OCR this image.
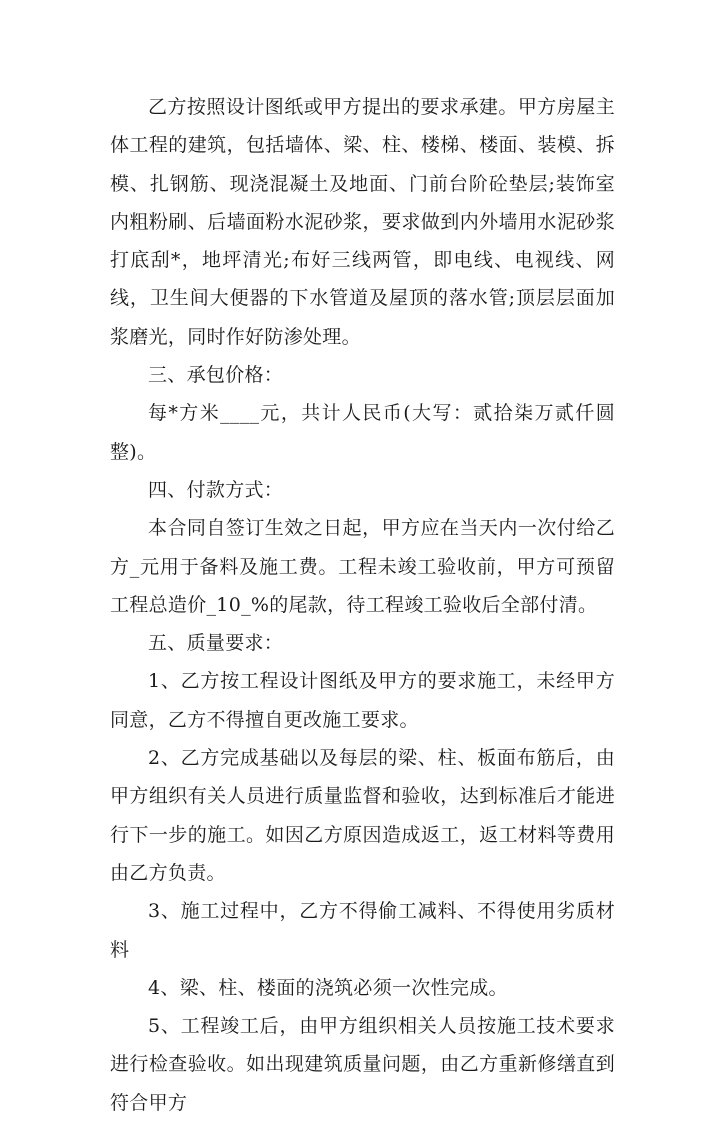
乙方按照设计图纸或甲方提出的要求承建。甲方房屋主体工程的建筑，包括墙体、梁、柱、楼梯、楼面、装模、拆模、扎钢筋、现浇混凝土及地面、门前台阶砼垫层;装饰室内粗粉刷、后墙面粉水泥砂浆，要求做到内外墙用水泥砂浆打底刮*，地坪清光;布好三线两管，即电线、电视线、网线，卫生间大便器的下水管道及屋顶的落水管;顶层层面加浆磨光，同时作好防渗处理。

三、承包价格：

每*方米____元，共计人民币(大写：贰拾柒万贰仟圆整)。

四、付款方式：

本合同自签订生效之日起，甲方应在当天内一次付给乙方_元用于备料及施工费。工程未竣工验收前，甲方可预留工程总造价_10_%的尾款，待工程竣工验收后全部付清。

五、质量要求：

1、乙方按工程设计图纸及甲方的要求施工，未经甲方同意，乙方不得擅自更改施工要求。

2、乙方完成基础以及每层的梁、柱、板面布筋后，由甲方组织有关人员进行质量监督和验收，达到标准后才能进行下一步的施工。如因乙方原因造成返工，返工材料等费用由乙方负责。

3、施工过程中，乙方不得偷工减料、不得使用劣质材料

4、梁、柱、楼面的浇筑必须一次性完成。

5、工程竣工后，由甲方组织相关人员按施工技术要求进行检查验收。如出现建筑质量问题，由乙方重新修缮直到符合甲方
